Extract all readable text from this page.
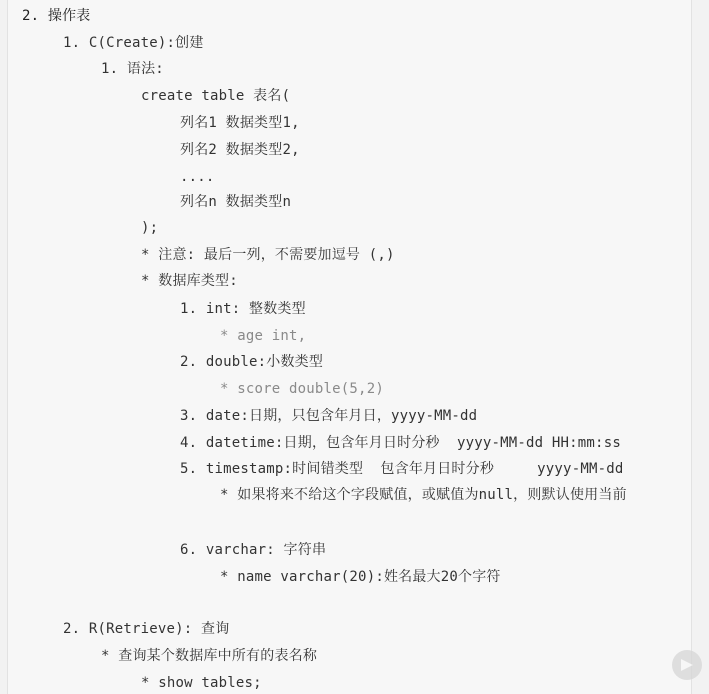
2. 操作表
1. C(Create):创建
1. 语法:
create table 表名(
列名1 数据类型1,
列名2 数据类型2,
....
列名n 数据类型n
);
* 注意: 最后一列，不需要加逗号 (,)
* 数据库类型:
1. int: 整数类型
* age int,
2. double:小数类型
* score double(5,2)
3. date:日期，只包含年月日，yyyy-MM-dd
4. datetime:日期，包含年月日时分秒  yyyy-MM-dd HH:mm:ss
5. timestamp:时间错类型  包含年月日时分秒     yyyy-MM-dd
* 如果将来不给这个字段赋值，或赋值为null，则默认使用当前
6. varchar: 字符串
* name varchar(20):姓名最大20个字符
2. R(Retrieve): 查询
* 查询某个数据库中所有的表名称
* show tables;
